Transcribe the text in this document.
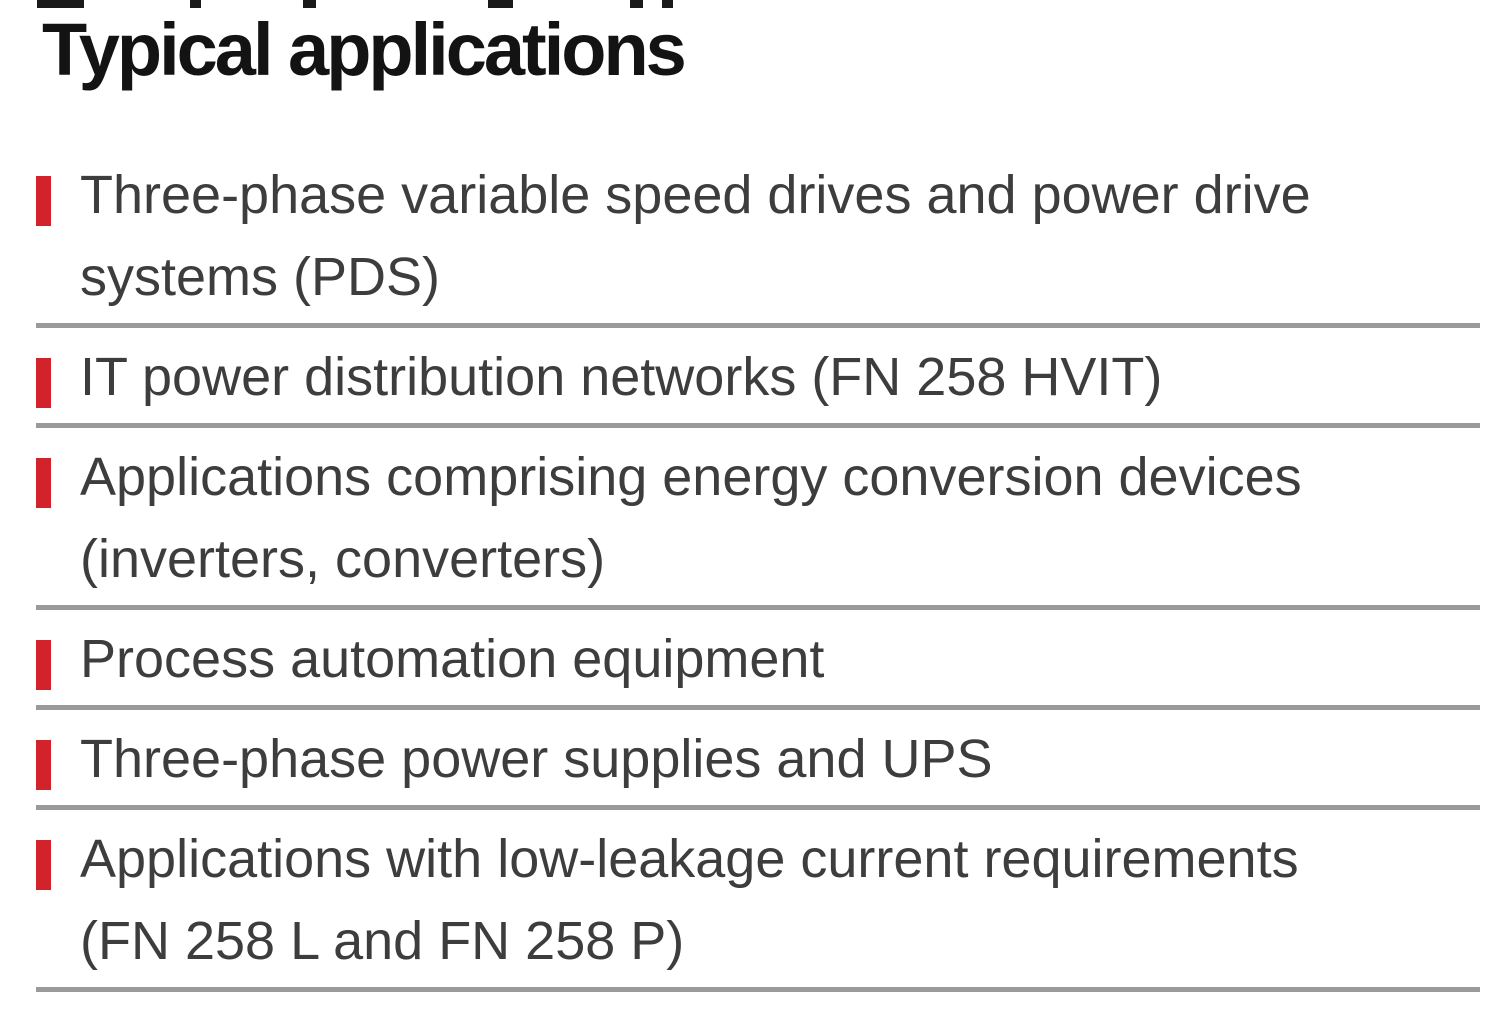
Typical applications
Three-phase variable speed drives and power drive
systems (PDS)
IT power distribution networks (FN 258 HVIT)
Applications comprising energy conversion devices
(inverters, converters)
Process automation equipment
Three-phase power supplies and UPS
Applications with low-leakage current requirements
(FN 258 L and FN 258 P)
